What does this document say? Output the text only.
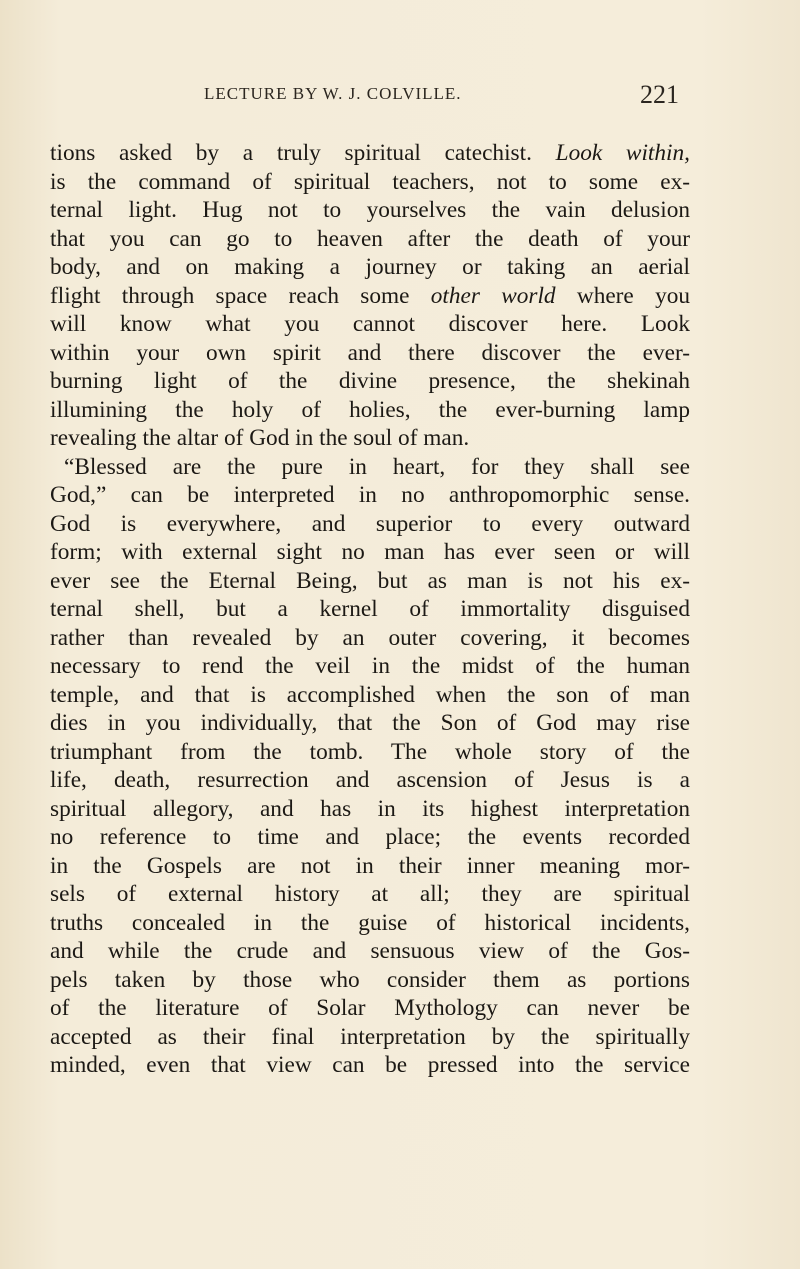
LECTURE BY W. J. COLVILLE.	221
tions asked by a truly spiritual catechist. Look within,
is the command of spiritual teachers, not to some ex-
ternal light. Hug not to yourselves the vain delusion
that you can go to heaven after the death of your
body, and on making a journey or taking an aerial
flight through space reach some other world where you
will know what you cannot discover here. Look
within your own spirit and there discover the ever-
burning light of the divine presence, the shekinah
illumining the holy of holies, the ever-burning lamp
revealing the altar of God in the soul of man.
“Blessed are the pure in heart, for they shall see
God,” can be interpreted in no anthropomorphic sense.
God is everywhere, and superior to every outward
form; with external sight no man has ever seen or will
ever see the Eternal Being, but as man is not his ex-
ternal shell, but a kernel of immortality disguised
rather than revealed by an outer covering, it becomes
necessary to rend the veil in the midst of the human
temple, and that is accomplished when the son of man
dies in you individually, that the Son of God may rise
triumphant from the tomb. The whole story of the
life, death, resurrection and ascension of Jesus is a
spiritual allegory, and has in its highest interpretation
no reference to time and place; the events recorded
in the Gospels are not in their inner meaning mor-
sels of external history at all; they are spiritual
truths concealed in the guise of historical incidents,
and while the crude and sensuous view of the Gos-
pels taken by those who consider them as portions
of the literature of Solar Mythology can never be
accepted as their final interpretation by the spiritually
minded, even that view can be pressed into the service
